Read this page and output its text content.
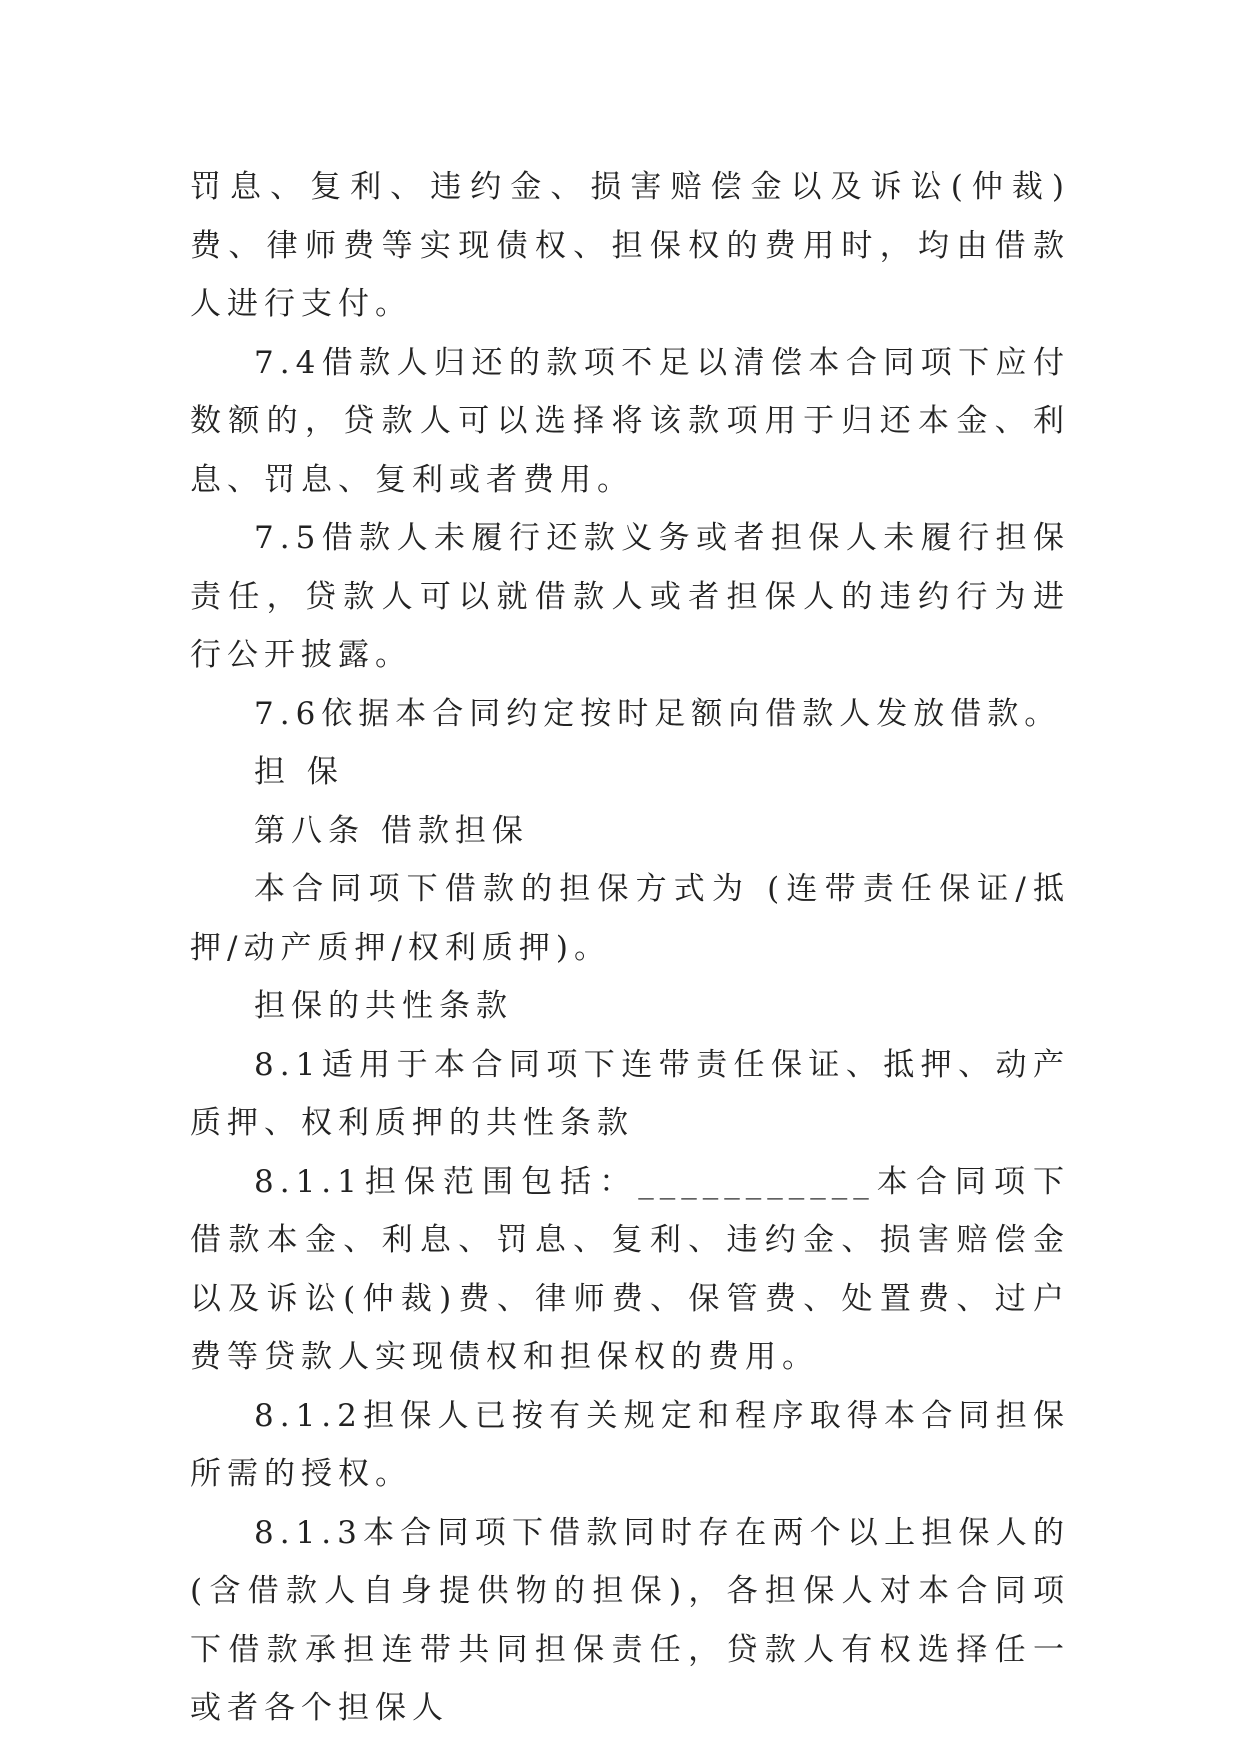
罚息、复利、违约金、损害赔偿金以及诉讼(仲裁)费、律师费等实现债权、担保权的费用时，均由借款人进行支付。

7.4借款人归还的款项不足以清偿本合同项下应付数额的，贷款人可以选择将该款项用于归还本金、利息、罚息、复利或者费用。

7.5借款人未履行还款义务或者担保人未履行担保责任，贷款人可以就借款人或者担保人的违约行为进行公开披露。

7.6依据本合同约定按时足额向借款人发放借款。

担 保

第八条 借款担保

本合同项下借款的担保方式为 (连带责任保证/抵押/动产质押/权利质押)。

担保的共性条款

8.1适用于本合同项下连带责任保证、抵押、动产质押、权利质押的共性条款

8.1.1担保范围包括：___________本合同项下借款本金、利息、罚息、复利、违约金、损害赔偿金以及诉讼(仲裁)费、律师费、保管费、处置费、过户费等贷款人实现债权和担保权的费用。

8.1.2担保人已按有关规定和程序取得本合同担保所需的授权。

8.1.3本合同项下借款同时存在两个以上担保人的(含借款人自身提供物的担保)，各担保人对本合同项下借款承担连带共同担保责任，贷款人有权选择任一或者各个担保人
